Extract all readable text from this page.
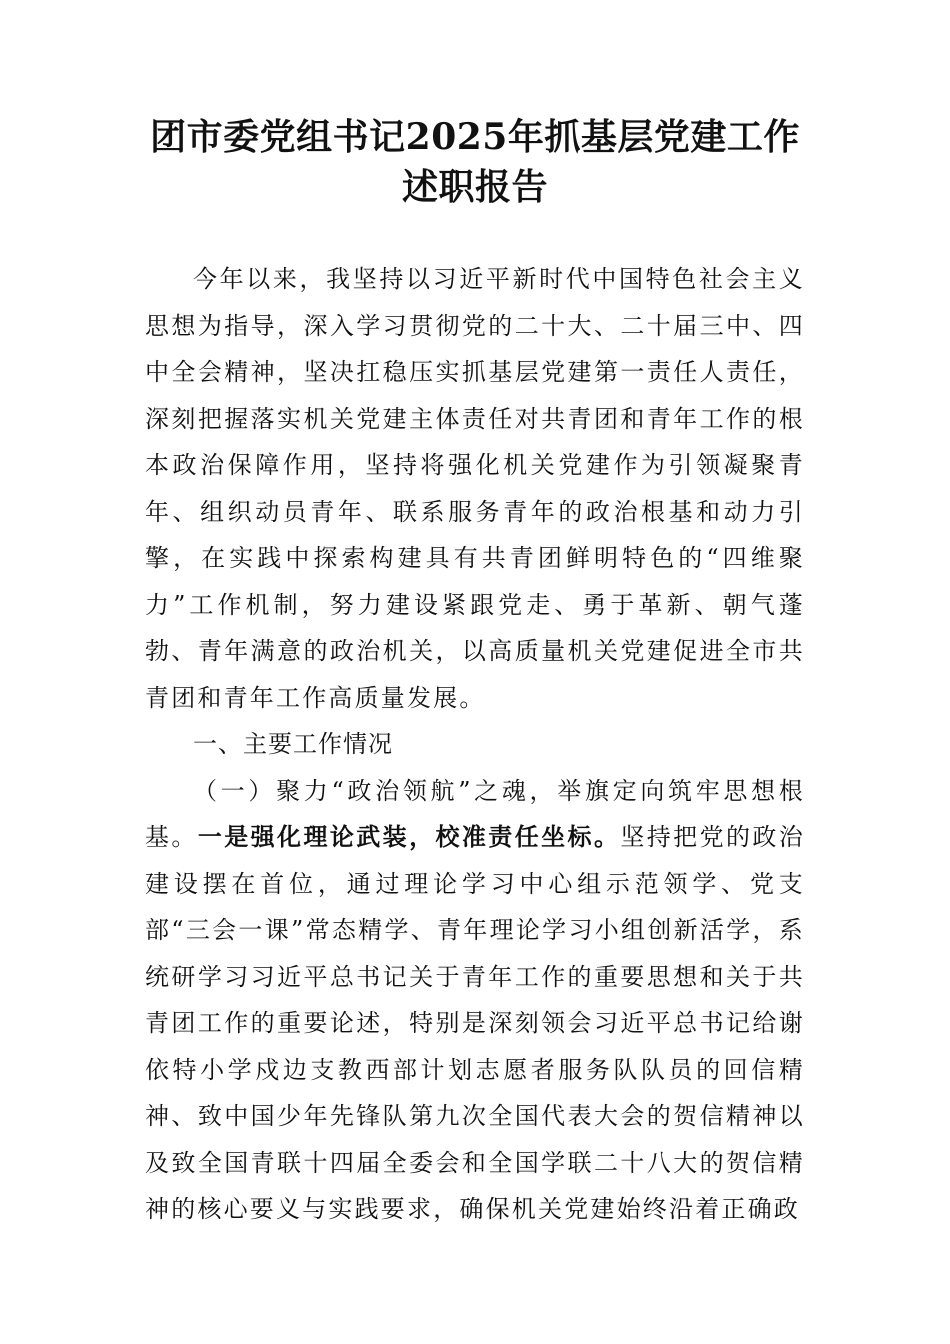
团市委党组书记2025年抓基层党建工作述职报告

今年以来，我坚持以习近平新时代中国特色社会主义思想为指导，深入学习贯彻党的二十大、二十届三中、四中全会精神，坚决扛稳压实抓基层党建第一责任人责任，深刻把握落实机关党建主体责任对共青团和青年工作的根本政治保障作用，坚持将强化机关党建作为引领凝聚青年、组织动员青年、联系服务青年的政治根基和动力引擎，在实践中探索构建具有共青团鲜明特色的“四维聚力”工作机制，努力建设紧跟党走、勇于革新、朝气蓬勃、青年满意的政治机关，以高质量机关党建促进全市共青团和青年工作高质量发展。

一、主要工作情况

（一）聚力“政治领航”之魂，举旗定向筑牢思想根基。一是强化理论武装，校准责任坐标。坚持把党的政治建设摆在首位，通过理论学习中心组示范领学、党支部“三会一课”常态精学、青年理论学习小组创新活学，系统研学习习近平总书记关于青年工作的重要思想和关于共青团工作的重要论述，特别是深刻领会习近平总书记给谢依特小学戍边支教西部计划志愿者服务队队员的回信精神、致中国少年先锋队第九次全国代表大会的贺信精神以及致全国青联十四届全委会和全国学联二十八大的贺信精神的核心要义与实践要求，确保机关党建始终沿着正确政
